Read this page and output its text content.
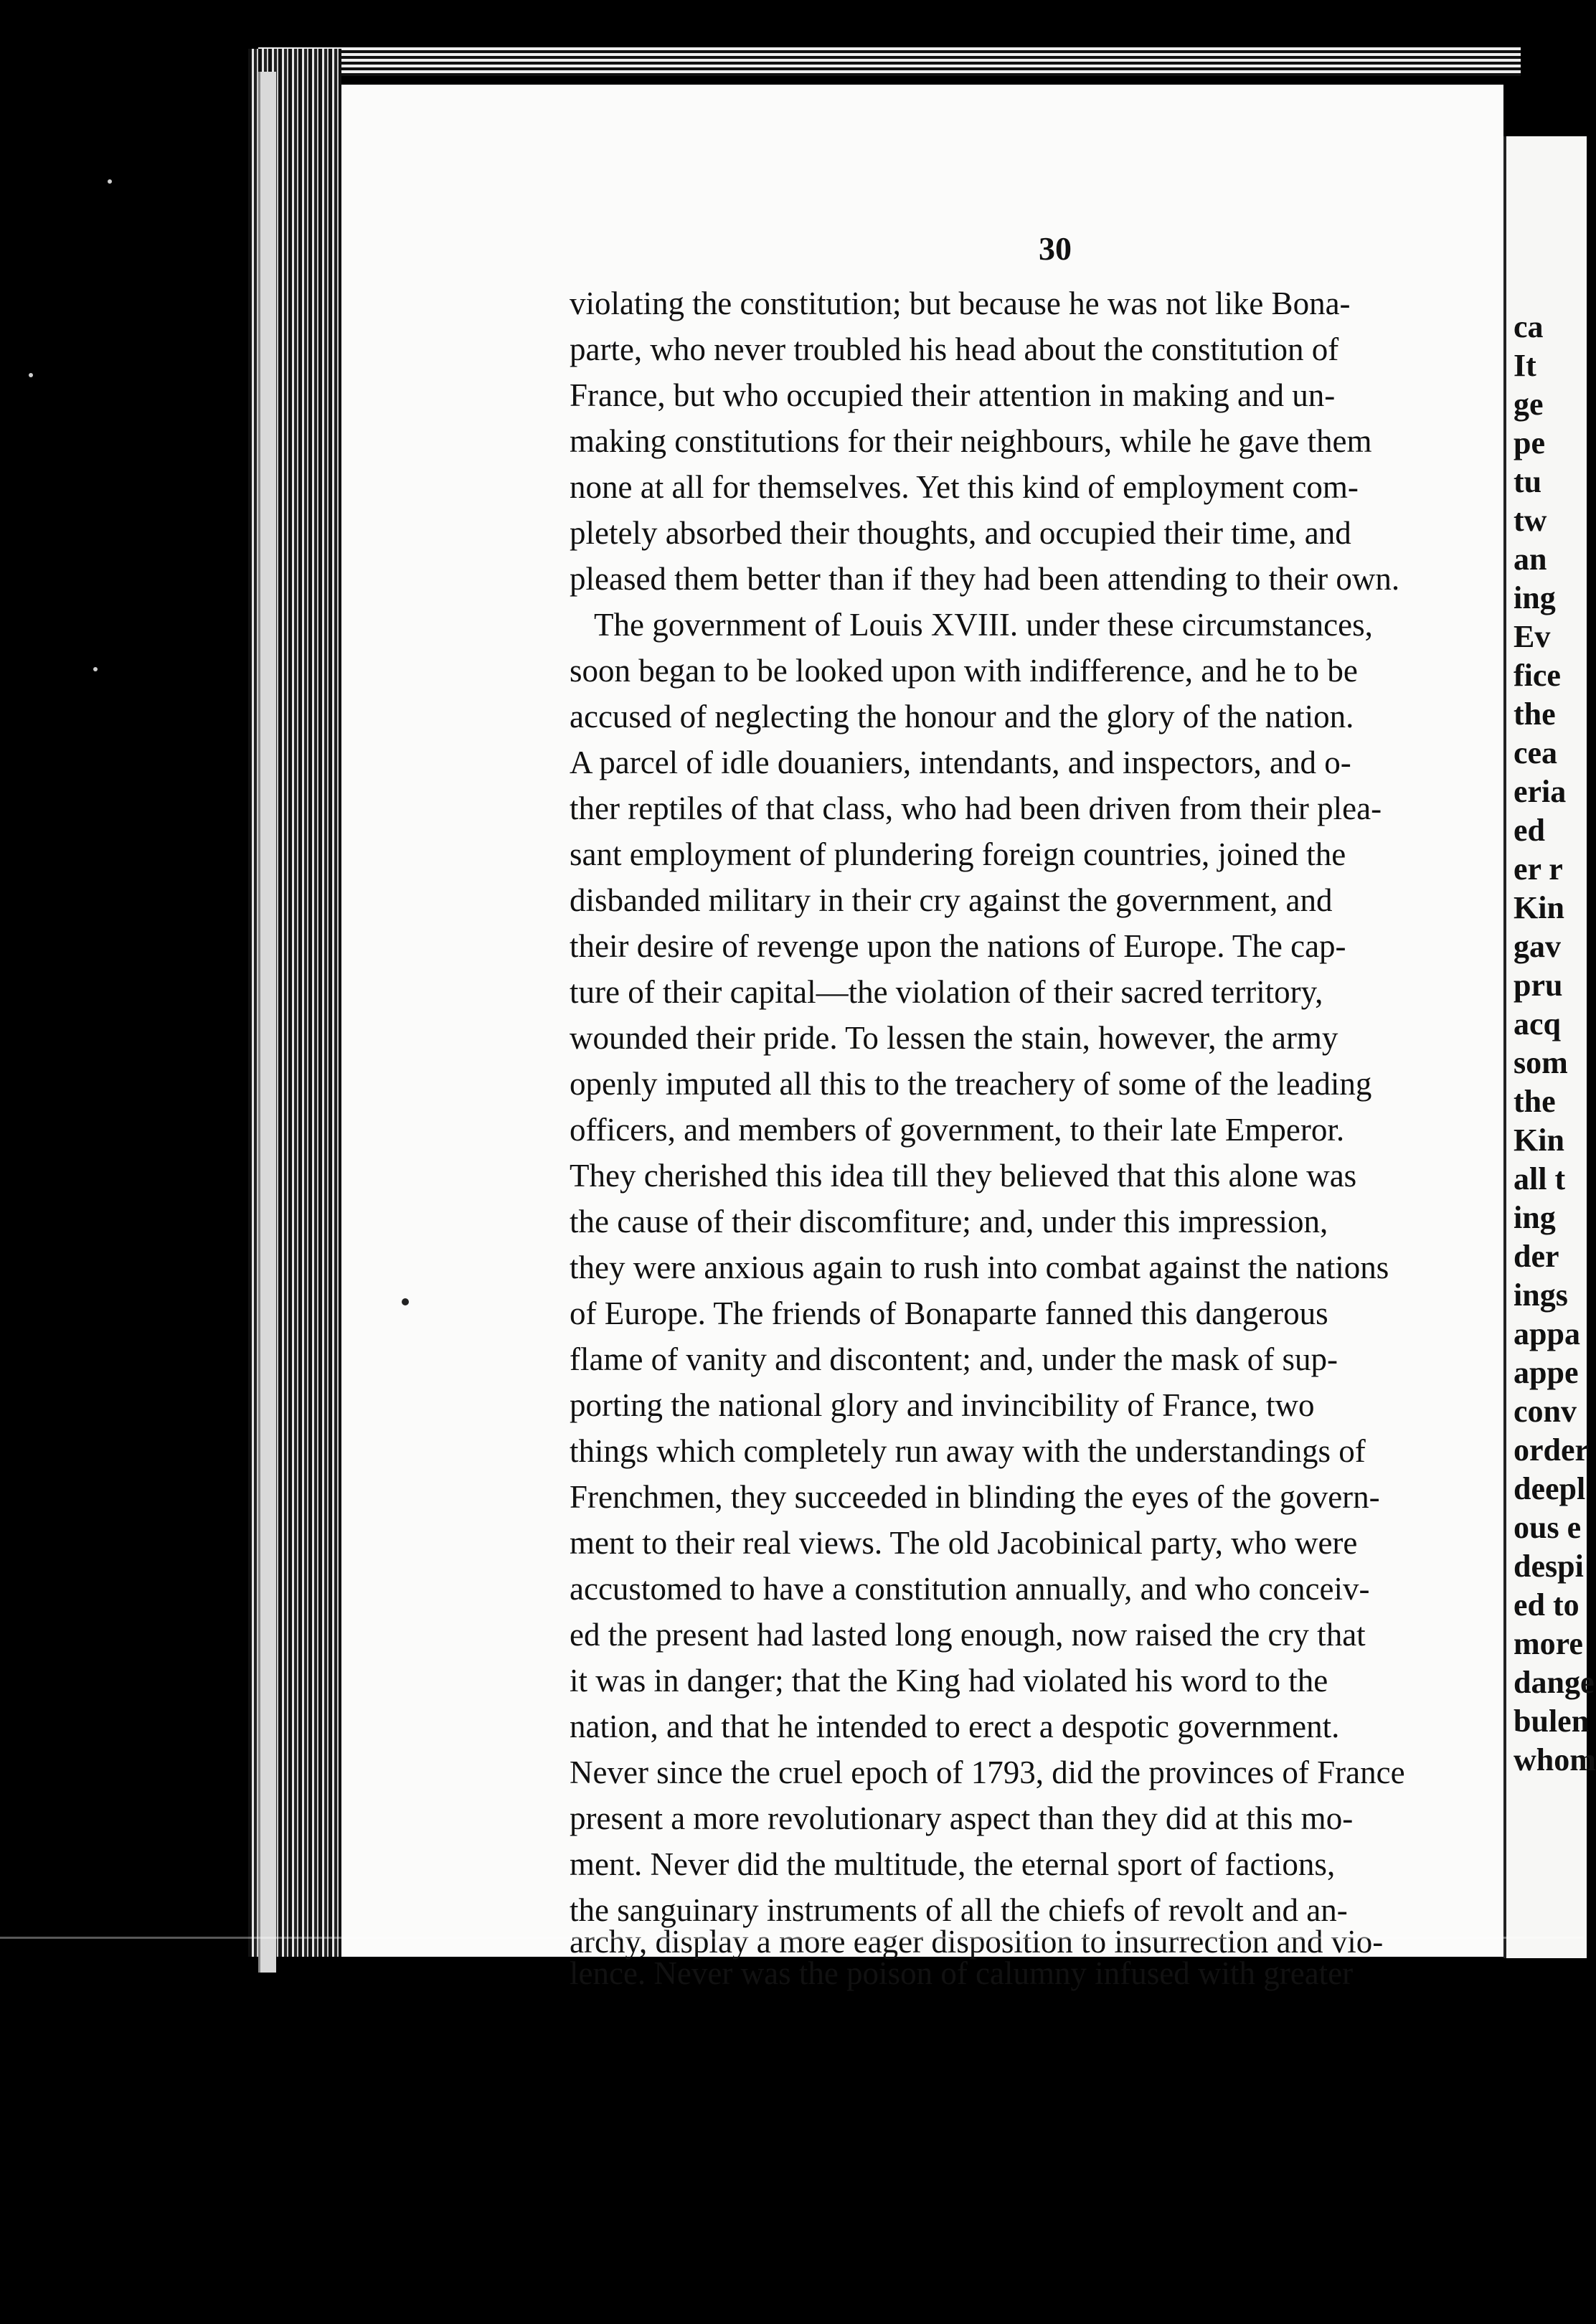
30
violating the constitution; but because he was not like Bona-
parte, who never troubled his head about the constitution of
France, but who occupied their attention in making and un-
making constitutions for their neighbours, while he gave them
none at all for themselves. Yet this kind of employment com-
pletely absorbed their thoughts, and occupied their time, and
pleased them better than if they had been attending to their own.
The government of Louis XVIII. under these circumstances,
soon began to be looked upon with indifference, and he to be
accused of neglecting the honour and the glory of the nation.
A parcel of idle douaniers, intendants, and inspectors, and o-
ther reptiles of that class, who had been driven from their plea-
sant employment of plundering foreign countries, joined the
disbanded military in their cry against the government, and
their desire of revenge upon the nations of Europe. The cap-
ture of their capital—the violation of their sacred territory,
wounded their pride. To lessen the stain, however, the army
openly imputed all this to the treachery of some of the leading
officers, and members of government, to their late Emperor.
They cherished this idea till they believed that this alone was
the cause of their discomfiture; and, under this impression,
they were anxious again to rush into combat against the nations
of Europe. The friends of Bonaparte fanned this dangerous
flame of vanity and discontent; and, under the mask of sup-
porting the national glory and invincibility of France, two
things which completely run away with the understandings of
Frenchmen, they succeeded in blinding the eyes of the govern-
ment to their real views. The old Jacobinical party, who were
accustomed to have a constitution annually, and who conceiv-
ed the present had lasted long enough, now raised the cry that
it was in danger; that the King had violated his word to the
nation, and that he intended to erect a despotic government.
Never since the cruel epoch of 1793, did the provinces of France
present a more revolutionary aspect than they did at this mo-
ment. Never did the multitude, the eternal sport of factions,
the sanguinary instruments of all the chiefs of revolt and an-
archy, display a more eager disposition to insurrection and vio-
lence. Never was the poison of calumny infused with greater
ca
It
ge
pe
tu
tw
an
ing
Ev
fice
the
cea
eria
ed
er r
Kin
gav
pru
acq
som
the
Kin
all t
ing
der
ings
appa
appe
conv
order
deepl
ous e
despi
ed to
more
dange
bulen
whom
